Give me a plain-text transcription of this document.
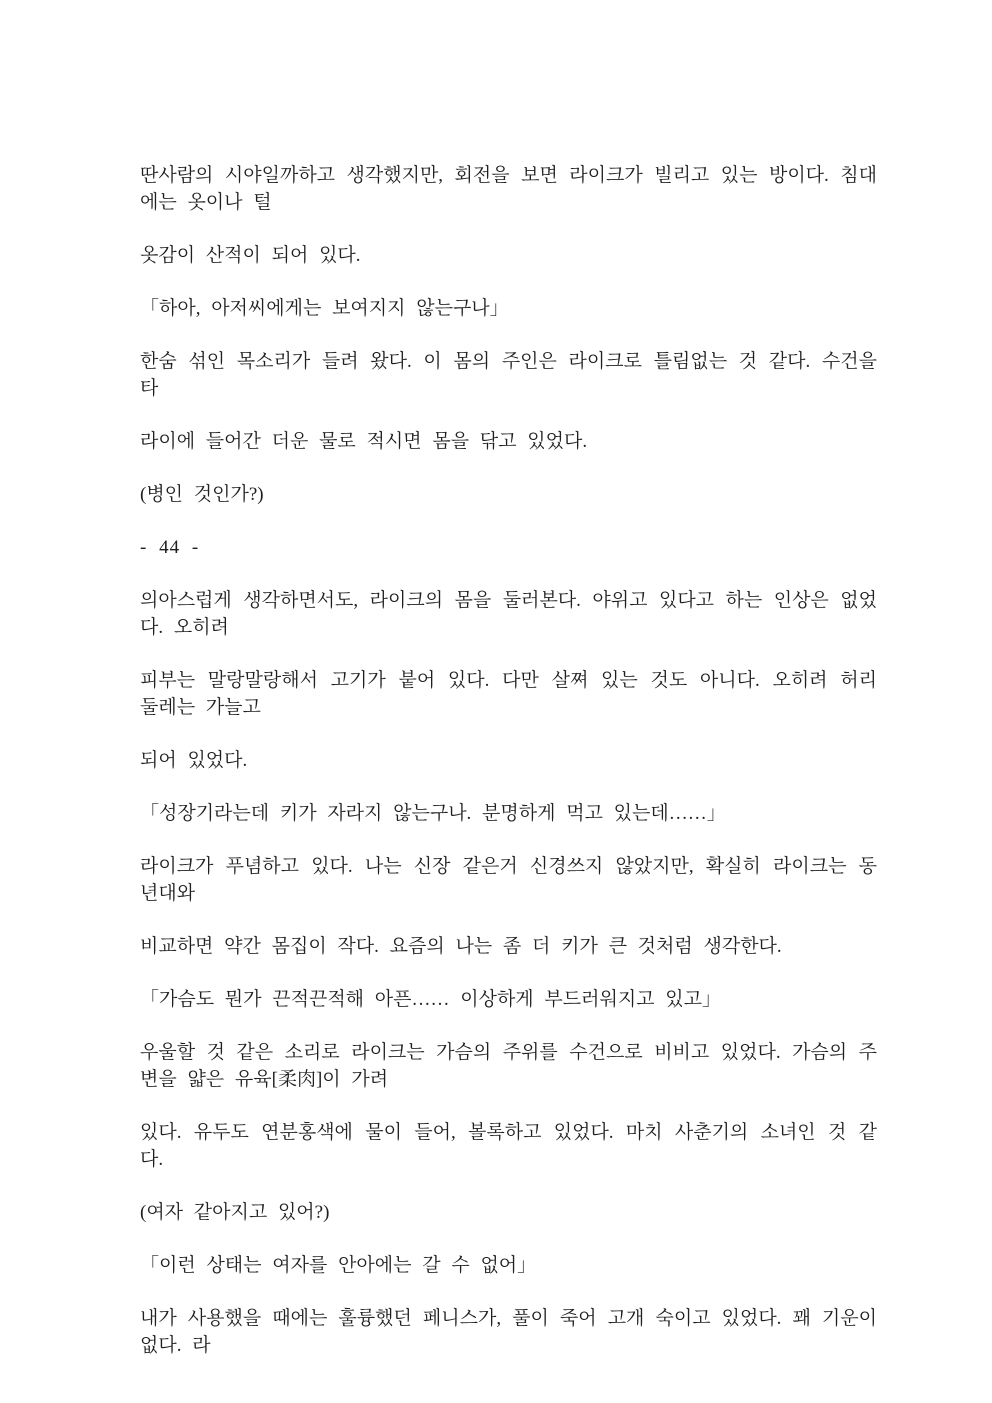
딴사람의 시야일까하고 생각했지만, 회전을 보면 라이크가 빌리고 있는 방이다. 침대에는 옷이나 털

옷감이 산적이 되어 있다.

「하아, 아저씨에게는 보여지지 않는구나」

한숨 섞인 목소리가 들려 왔다. 이 몸의 주인은 라이크로 틀림없는 것 같다. 수건을 타

라이에 들어간 더운 물로 적시면 몸을 닦고 있었다.

(병인 것인가?)

- 44 -

의아스럽게 생각하면서도, 라이크의 몸을 둘러본다. 야위고 있다고 하는 인상은 없었다. 오히려

피부는 말랑말랑해서 고기가 붙어 있다. 다만 살쪄 있는 것도 아니다. 오히려 허리 둘레는 가늘고

되어 있었다.

「성장기라는데 키가 자라지 않는구나. 분명하게 먹고 있는데……」

라이크가 푸념하고 있다. 나는 신장 같은거 신경쓰지 않았지만, 확실히 라이크는 동년대와

비교하면 약간 몸집이 작다. 요즘의 나는 좀 더 키가 큰 것처럼 생각한다.

「가슴도 뭔가 끈적끈적해 아픈…… 이상하게 부드러워지고 있고」

우울할 것 같은 소리로 라이크는 가슴의 주위를 수건으로 비비고 있었다. 가슴의 주변을 얇은 유육[柔肉]이 가려

있다. 유두도 연분홍색에 물이 들어, 볼록하고 있었다. 마치 사춘기의 소녀인 것 같다.

(여자 같아지고 있어?)

「이런 상태는 여자를 안아에는 갈 수 없어」

내가 사용했을 때에는 훌륭했던 페니스가, 풀이 죽어 고개 숙이고 있었다. 꽤 기운이 없다. 라
